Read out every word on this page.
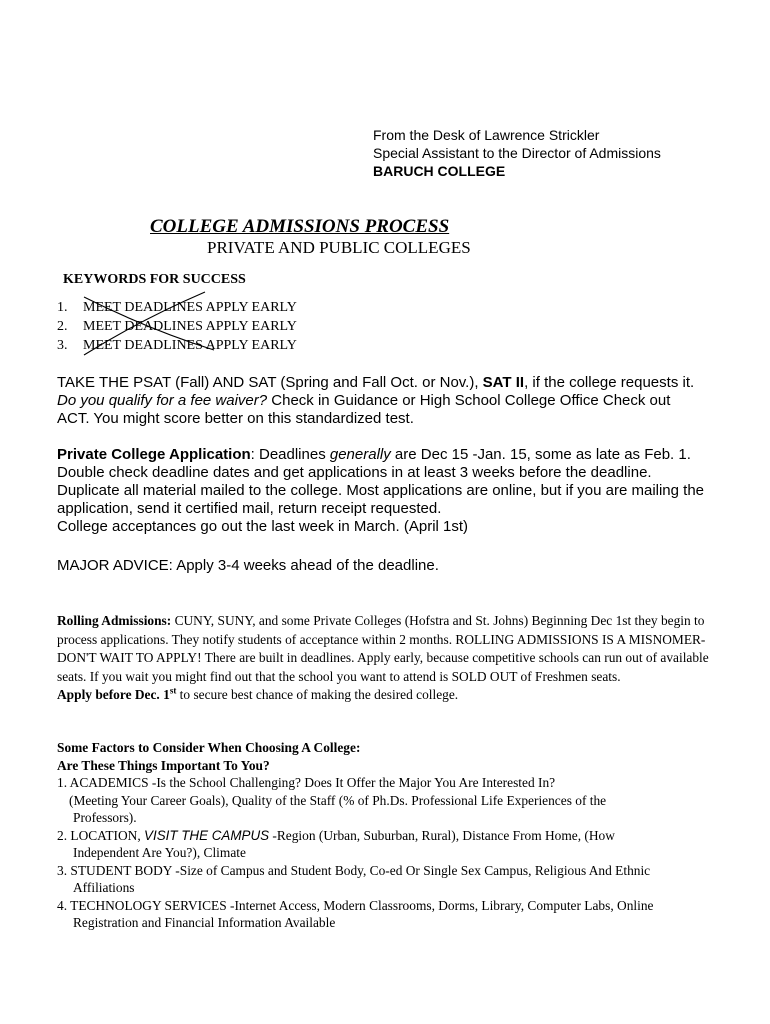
From the Desk of Lawrence Strickler
Special Assistant to the Director of Admissions
BARUCH COLLEGE
COLLEGE ADMISSIONS PROCESS
PRIVATE AND PUBLIC COLLEGES
KEYWORDS FOR SUCCESS
1. MEET DEADLINES APPLY EARLY
2. MEET DEADLINES APPLY EARLY
3. MEET DEADLINES APPLY EARLY
TAKE THE PSAT (Fall) AND SAT (Spring and Fall Oct. or Nov.), SAT II, if the college requests it.
Do you qualify for a fee waiver? Check in Guidance or High School College Office Check out
ACT. You might score better on this standardized test.
Private College Application: Deadlines generally are Dec 15 -Jan. 15, some as late as Feb. 1.
Double check deadline dates and get applications in at least 3 weeks before the deadline.
Duplicate all material mailed to the college. Most applications are online, but if you are mailing the
application, send it certified mail, return receipt requested.
College acceptances go out the last week in March. (April 1st)
MAJOR ADVICE: Apply 3-4 weeks ahead of the deadline.
Rolling Admissions: CUNY, SUNY, and some Private Colleges (Hofstra and St. Johns) Beginning Dec 1st they begin to process applications. They notify students of acceptance within 2 months. ROLLING ADMISSIONS IS A MISNOMER- DON'T WAIT TO APPLY! There are built in deadlines. Apply early, because competitive schools can run out of available seats. If you wait you might find out that the school you want to attend is SOLD OUT of Freshmen seats.
Apply before Dec. 1st to secure best chance of making the desired college.
Some Factors to Consider When Choosing A College:
Are These Things Important To You?
1. ACADEMICS -Is the School Challenging? Does It Offer the Major You Are Interested In?
(Meeting Your Career Goals), Quality of the Staff (% of Ph.Ds. Professional Life Experiences of the
Professors).
2. LOCATION, VISIT THE CAMPUS -Region (Urban, Suburban, Rural), Distance From Home, (How
Independent Are You?), Climate
3. STUDENT BODY -Size of Campus and Student Body, Co-ed Or Single Sex Campus, Religious And Ethnic
Affiliations
4. TECHNOLOGY SERVICES -Internet Access, Modern Classrooms, Dorms, Library, Computer Labs, Online
Registration and Financial Information Available
